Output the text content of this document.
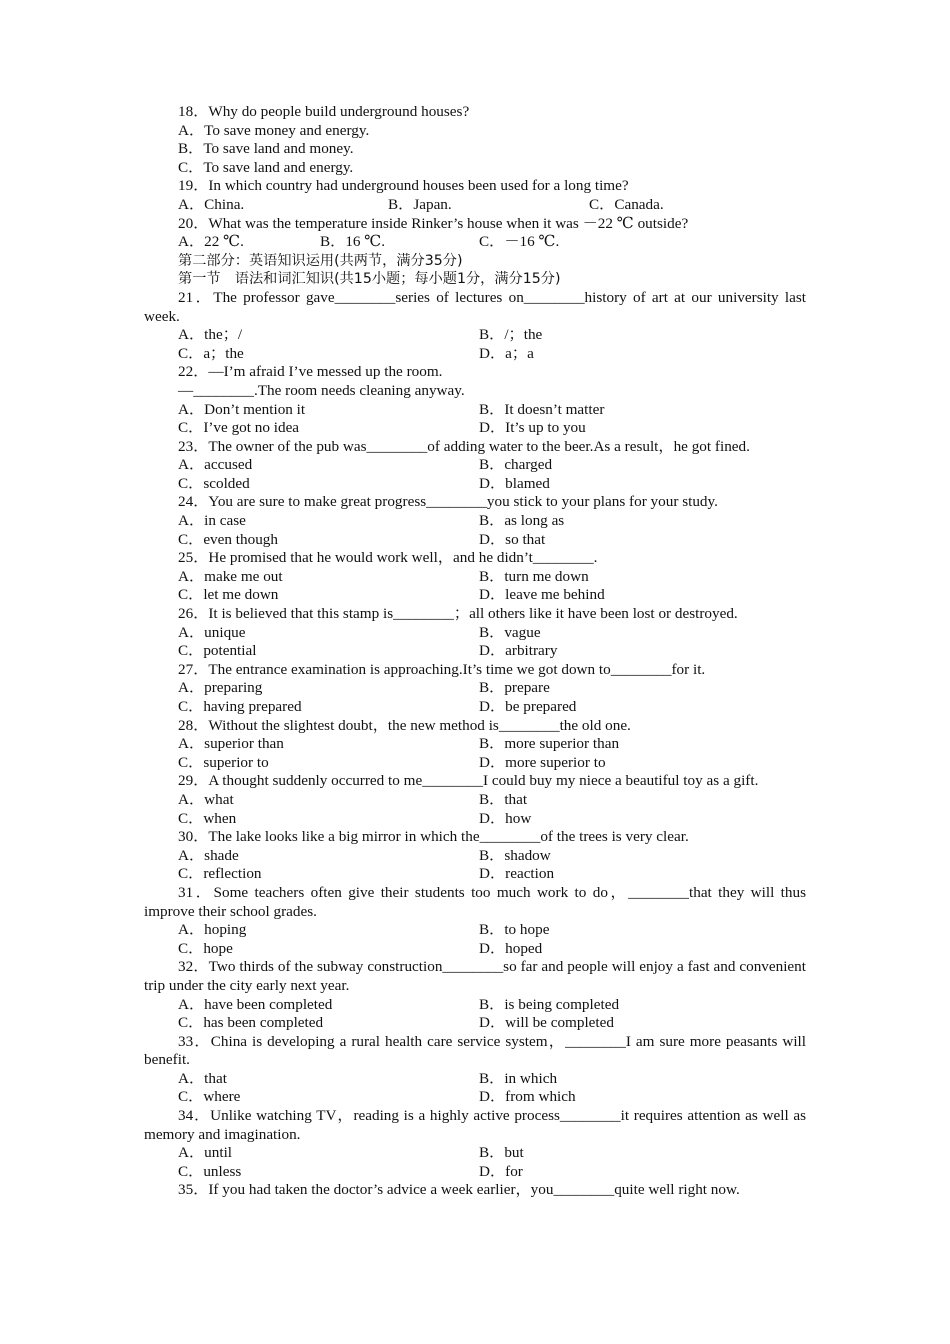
18．Why do people build underground houses?
A．To save money and energy.
B．To save land and money.
C．To save land and energy.
19．In which country had underground houses been used for a long time?
A．China.	B．Japan.	C．Canada.
20．What was the temperature inside Rinker’s house when it was －22 ℃ outside?
A．22 ℃.	B．16 ℃.	C．－16 ℃.
第二部分：英语知识运用(共两节，满分35分)
第一节　语法和词汇知识(共15小题；每小题1分，满分15分)
21．The professor gave________series of lectures on________history of art at our university last week.
A．the；/	B．/；the
C．a；the	D．a；a
22．—I’m afraid I’ve messed up the room.
—________.The room needs cleaning anyway.
A．Don’t mention it	B．It doesn’t matter
C．I’ve got no idea	D．It’s up to you
23．The owner of the pub was________of adding water to the beer.As a result，he got fined.
A．accused	B．charged
C．scolded	D．blamed
24．You are sure to make great progress________you stick to your plans for your study.
A．in case	B．as long as
C．even though	D．so that
25．He promised that he would work well，and he didn’t________.
A．make me out	B．turn me down
C．let me down	D．leave me behind
26．It is believed that this stamp is________；all others like it have been lost or destroyed.
A．unique	B．vague
C．potential	D．arbitrary
27．The entrance examination is approaching.It’s time we got down to________for it.
A．preparing	B．prepare
C．having prepared	D．be prepared
28．Without the slightest doubt，the new method is________the old one.
A．superior than	B．more superior than
C．superior to	D．more superior to
29．A thought suddenly occurred to me________I could buy my niece a beautiful toy as a gift.
A．what	B．that
C．when	D．how
30．The lake looks like a big mirror in which the________of the trees is very clear.
A．shade	B．shadow
C．reflection	D．reaction
31．Some teachers often give their students too much work to do，________that they will thus improve their school grades.
A．hoping	B．to hope
C．hope	D．hoped
32．Two thirds of the subway construction________so far and people will enjoy a fast and convenient trip under the city early next year.
A．have been completed	B．is being completed
C．has been completed	D．will be completed
33．China is developing a rural health care service system，________I am sure more peasants will benefit.
A．that	B．in which
C．where	D．from which
34．Unlike watching TV，reading is a highly active process________it requires attention as well as memory and imagination.
A．until	B．but
C．unless	D．for
35．If you had taken the doctor’s advice a week earlier，you________quite well right now.
